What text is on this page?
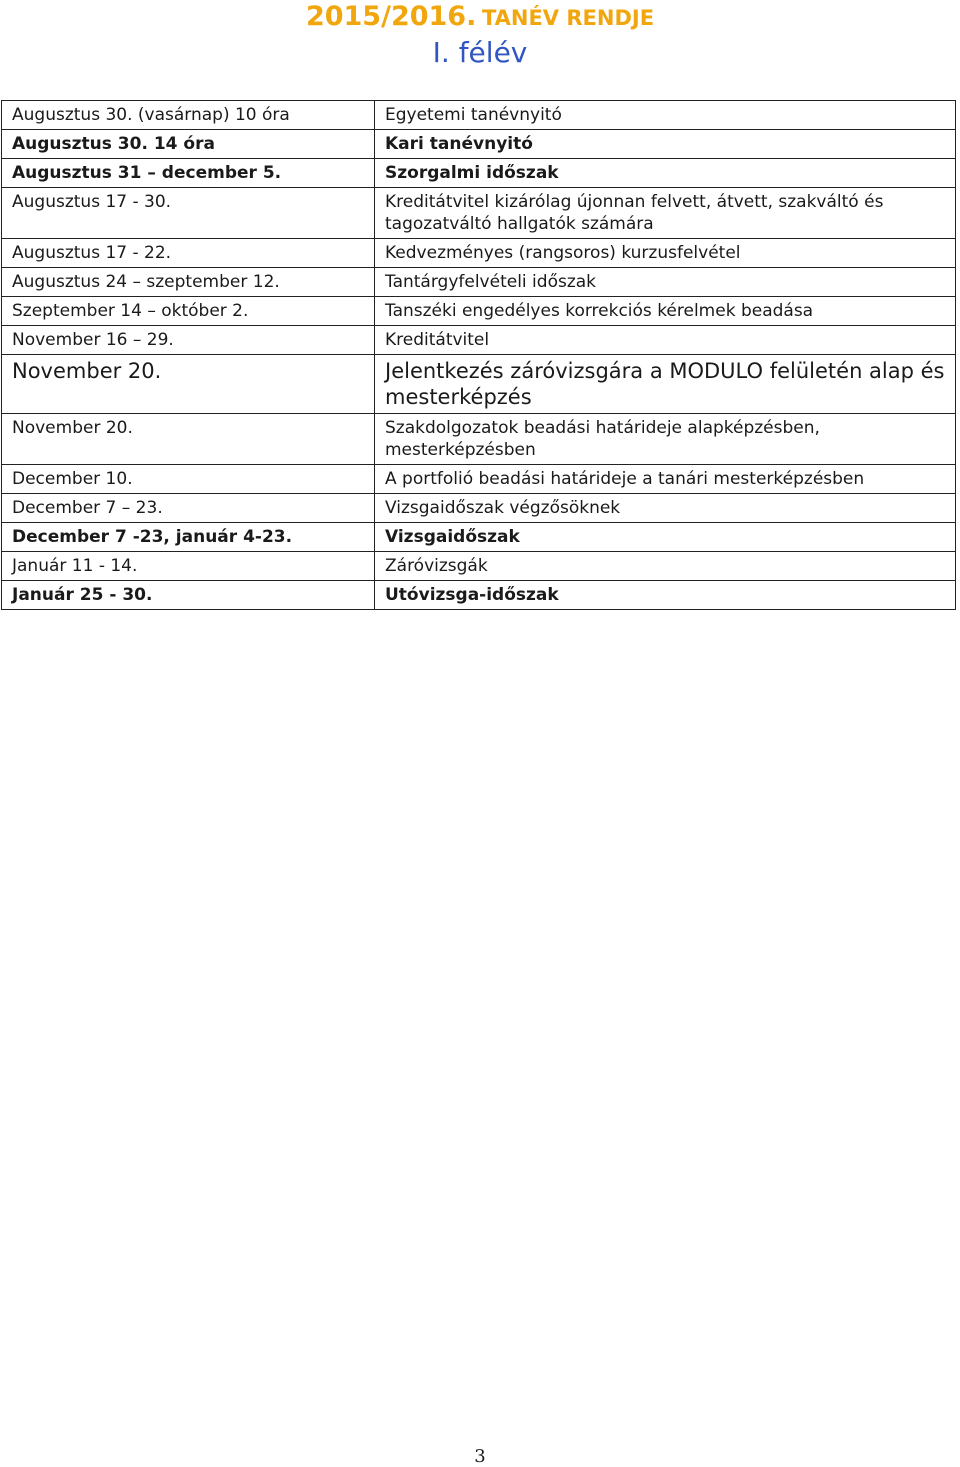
2015/2016. TANÉV RENDJE
I. félév
Augusztus 30. (vasárnap) 10 óra	Egyetemi tanévnyitó
Augusztus 30. 14 óra	Kari tanévnyitó
Augusztus 31 – december 5.	Szorgalmi időszak
Augusztus 17 - 30.	Kreditátvitel kizárólag újonnan felvett, átvett, szakváltó és tagozatváltó hallgatók számára
Augusztus 17 - 22.	Kedvezményes (rangsoros) kurzusfelvétel
Augusztus 24 – szeptember 12.	Tantárgyfelvételi időszak
Szeptember 14 – október 2.	Tanszéki engedélyes korrekciós kérelmek beadása
November 16 – 29.	Kreditátvitel
November 20.	Jelentkezés záróvizsgára a MODULO felületén alap és mesterképzés
November 20.	Szakdolgozatok beadási határideje alapképzésben, mesterképzésben
December 10.	A portfolió beadási határideje a tanári mesterképzésben
December 7 – 23.	Vizsgaidőszak végzősöknek
December 7 -23, január 4-23.	Vizsgaidőszak
Január 11 - 14.	Záróvizsgák
Január 25 - 30.	Utóvizsga-időszak
3
